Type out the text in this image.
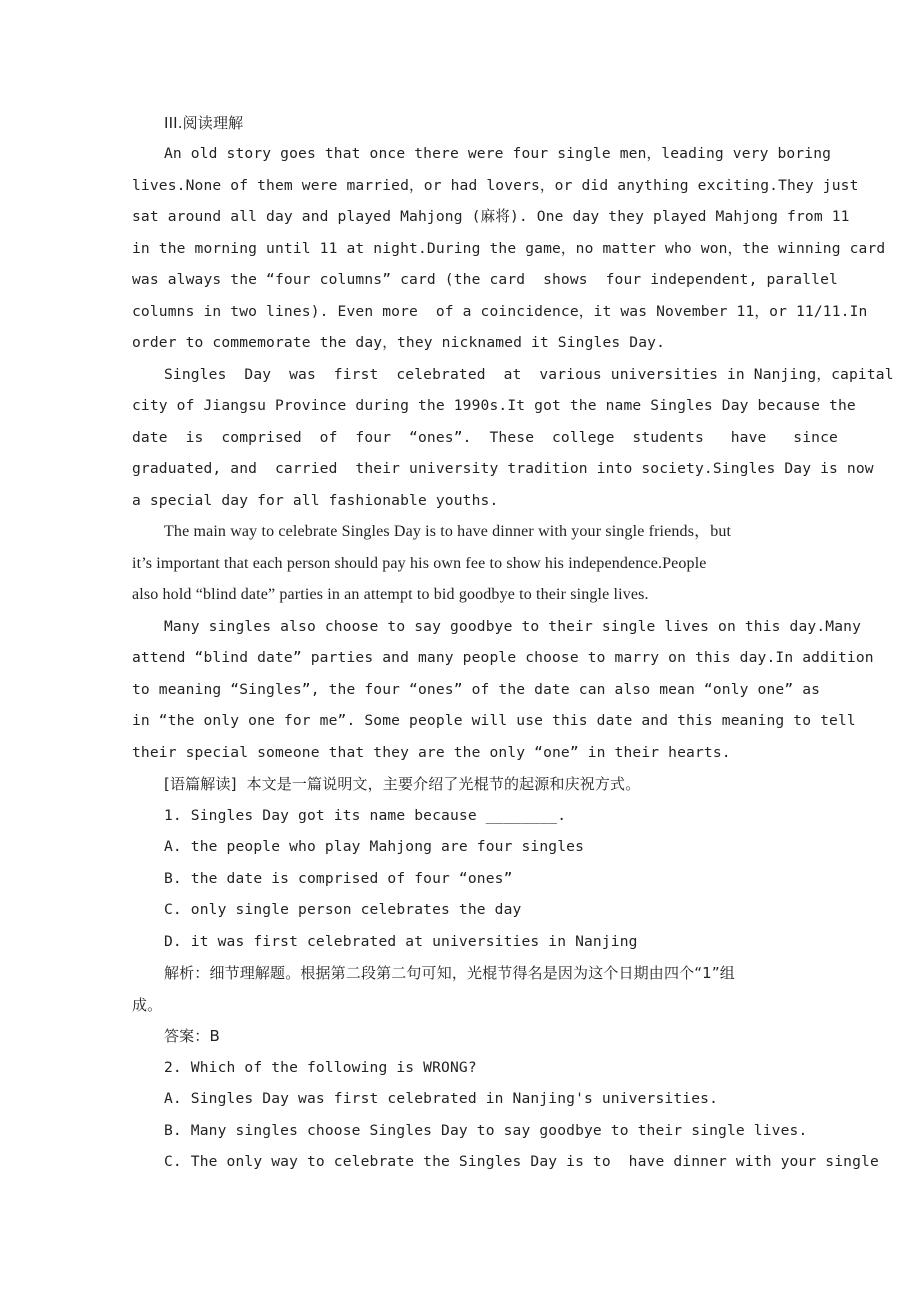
III.阅读理解
An old story goes that once there were four single men，leading very boring
lives.None of them were married，or had lovers，or did anything exciting.They just
sat around all day and played Mahjong (麻将). One day they played Mahjong from 11
in the morning until 11 at night.During the game，no matter who won，the winning card
was always the “four columns” card (the card  shows  four independent, parallel
columns in two lines). Even more  of a coincidence，it was November 11，or 11/11.In
order to commemorate the day，they nicknamed it Singles Day.
Singles  Day  was  first  celebrated  at  various universities in Nanjing，capital
city of Jiangsu Province during the 1990s.It got the name Singles Day because the
date  is  comprised  of  four  “ones”.  These  college  students   have   since
graduated, and  carried  their university tradition into society.Singles Day is now
a special day for all fashionable youths.
The main way to celebrate Singles Day is to have dinner with your single friends，but
it’s important that each person should pay his own fee to show his independence.People
also hold “blind date” parties in an attempt to bid goodbye to their single lives.
Many singles also choose to say goodbye to their single lives on this day.Many
attend “blind date” parties and many people choose to marry on this day.In addition
to meaning “Singles”, the four “ones” of the date can also mean “only one” as
in “the only one for me”. Some people will use this date and this meaning to tell
their special someone that they are the only “one” in their hearts.
[语篇解读]  本文是一篇说明文，主要介绍了光棍节的起源和庆祝方式。
1. Singles Day got its name because ________.
A. the people who play Mahjong are four singles
B. the date is comprised of four “ones”
C. only single person celebrates the day
D. it was first celebrated at universities in Nanjing
解析：细节理解题。根据第二段第二句可知，光棍节得名是因为这个日期由四个“1”组
成。
答案：B
2. Which of the following is WRONG?
A. Singles Day was first celebrated in Nanjing's universities.
B. Many singles choose Singles Day to say goodbye to their single lives.
C. The only way to celebrate the Singles Day is to  have dinner with your single
